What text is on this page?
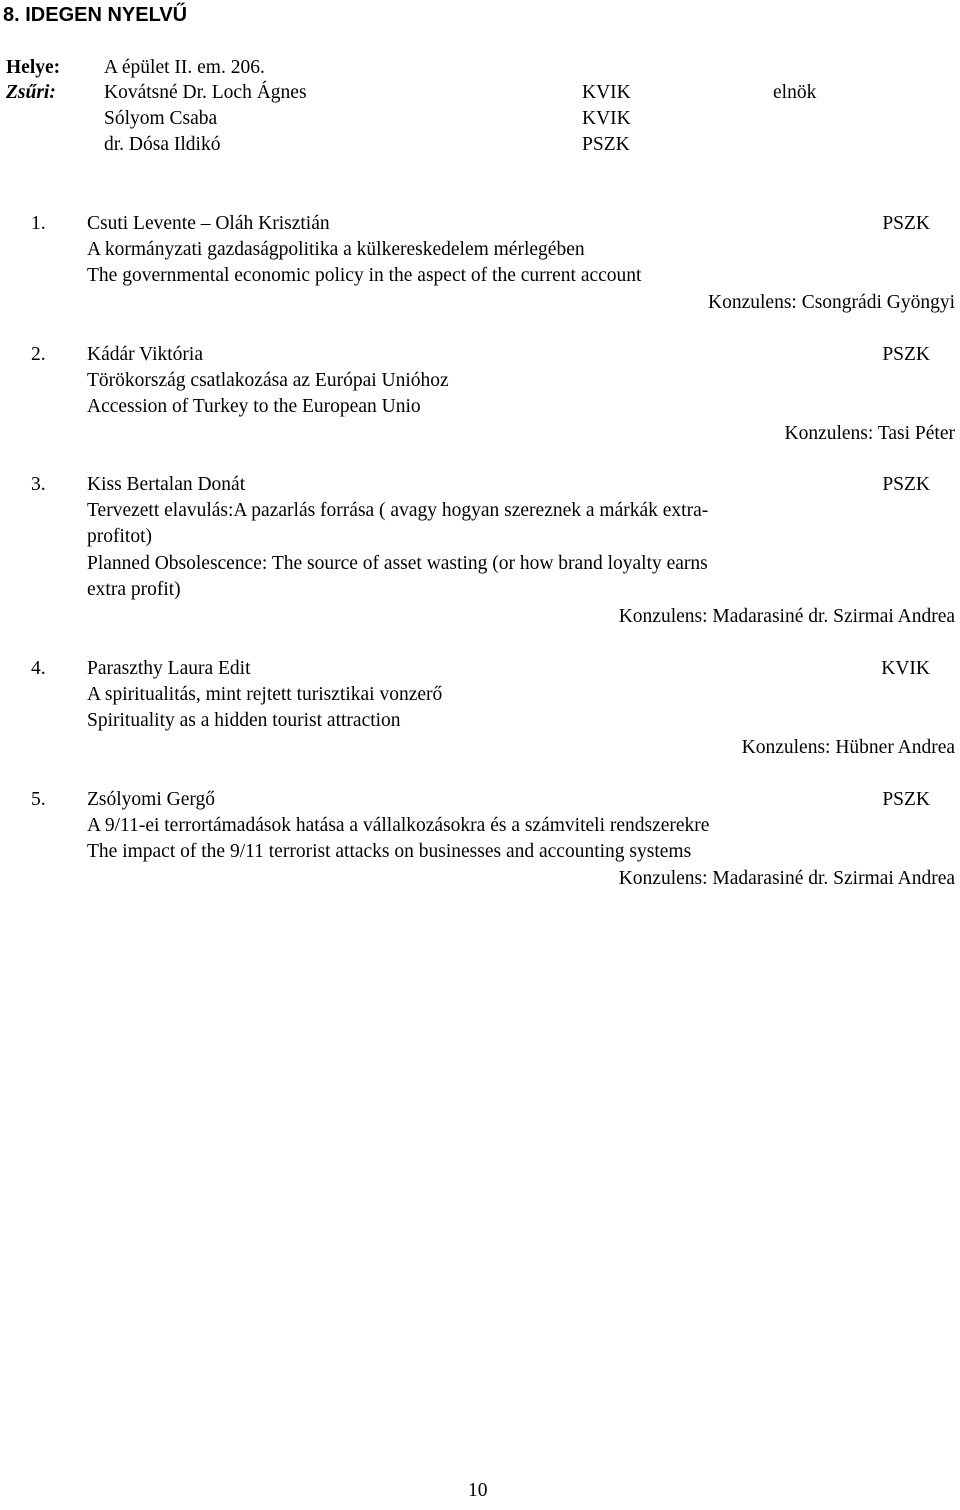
8. IDEGEN NYELVŰ
Helye: A épület II. em. 206.
Zsűri: Kovátsné Dr. Loch Ágnes	KVIK	elnök
Sólyom Csaba	KVIK
dr. Dósa Ildikó	PSZK
1. Csuti Levente – Oláh Krisztián	PSZK
A kormányzati gazdaságpolitika a külkereskedelem mérlegében
The governmental economic policy in the aspect of the current account
Konzulens: Csongrádi Gyöngyi
2. Kádár Viktória	PSZK
Törökország csatlakozása az Európai Unióhoz
Accession of Turkey to the European Unio
Konzulens: Tasi Péter
3. Kiss Bertalan Donát	PSZK
Tervezett elavulás:A pazarlás forrása ( avagy hogyan szereznek a márkák extra-
profitot)
Planned Obsolescence: The source of asset wasting (or how brand loyalty earns
extra profit)
Konzulens: Madarasiné dr. Szirmai Andrea
4. Paraszthy Laura Edit	KVIK
A spiritualitás, mint rejtett turisztikai vonzerő
Spirituality as a hidden tourist attraction
Konzulens: Hübner Andrea
5. Zsólyomi Gergő	PSZK
A 9/11-ei terrortámadások hatása a vállalkozásokra és a számviteli rendszerekre
The impact of the 9/11 terrorist attacks on businesses and accounting systems
Konzulens: Madarasiné dr. Szirmai Andrea
10
